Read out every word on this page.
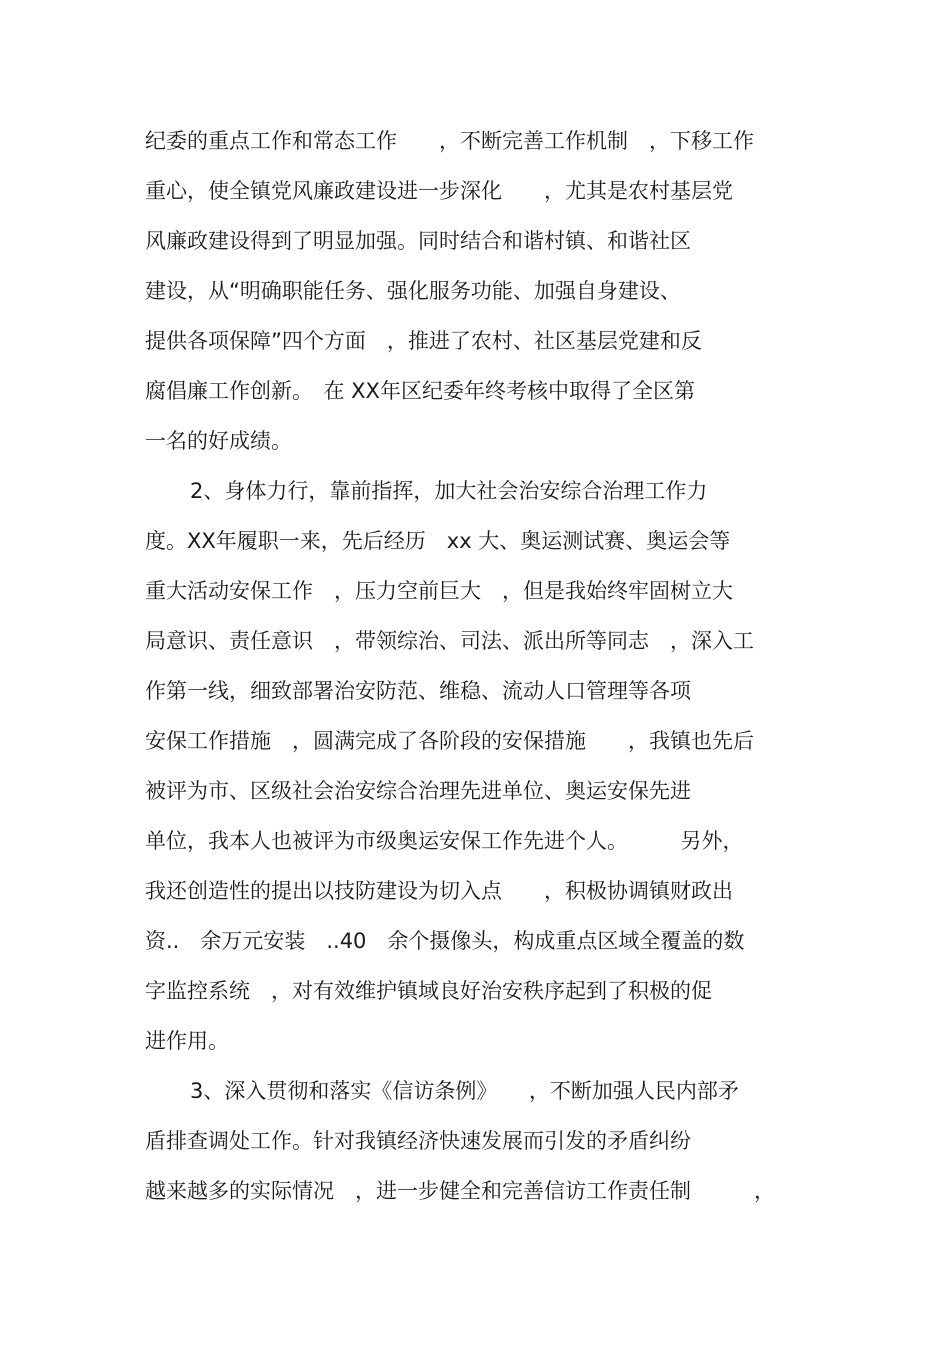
纪委的重点工作和常态工作　　，不断完善工作机制　，下移工作
重心，使全镇党风廉政建设进一步深化　　，尤其是农村基层党
风廉政建设得到了明显加强。同时结合和谐村镇、和谐社区
建设，从“明确职能任务、强化服务功能、加强自身建设、
提供各项保障”四个方面　，推进了农村、社区基层党建和反
腐倡廉工作创新。　在 XX年区纪委年终考核中取得了全区第
一名的好成绩。
2、身体力行，靠前指挥，加大社会治安综合治理工作力
度。XX年履职一来，先后经历　xx 大、奥运测试赛、奥运会等
重大活动安保工作　，压力空前巨大　，但是我始终牢固树立大
局意识、责任意识　，带领综治、司法、派出所等同志　，深入工
作第一线，细致部署治安防范、维稳、流动人口管理等各项
安保工作措施　，圆满完成了各阶段的安保措施　　，我镇也先后
被评为市、区级社会治安综合治理先进单位、奥运安保先进
单位，我本人也被评为市级奥运安保工作先进个人。　　　另外，
我还创造性的提出以技防建设为切入点　　，积极协调镇财政出
资..　余万元安装　..40　余个摄像头，构成重点区域全覆盖的数
字监控系统　，对有效维护镇域良好治安秩序起到了积极的促
进作用。
3、深入贯彻和落实《信访条例》　　，不断加强人民内部矛
盾排查调处工作。针对我镇经济快速发展而引发的矛盾纠纷
越来越多的实际情况　，进一步健全和完善信访工作责任制　　　，
